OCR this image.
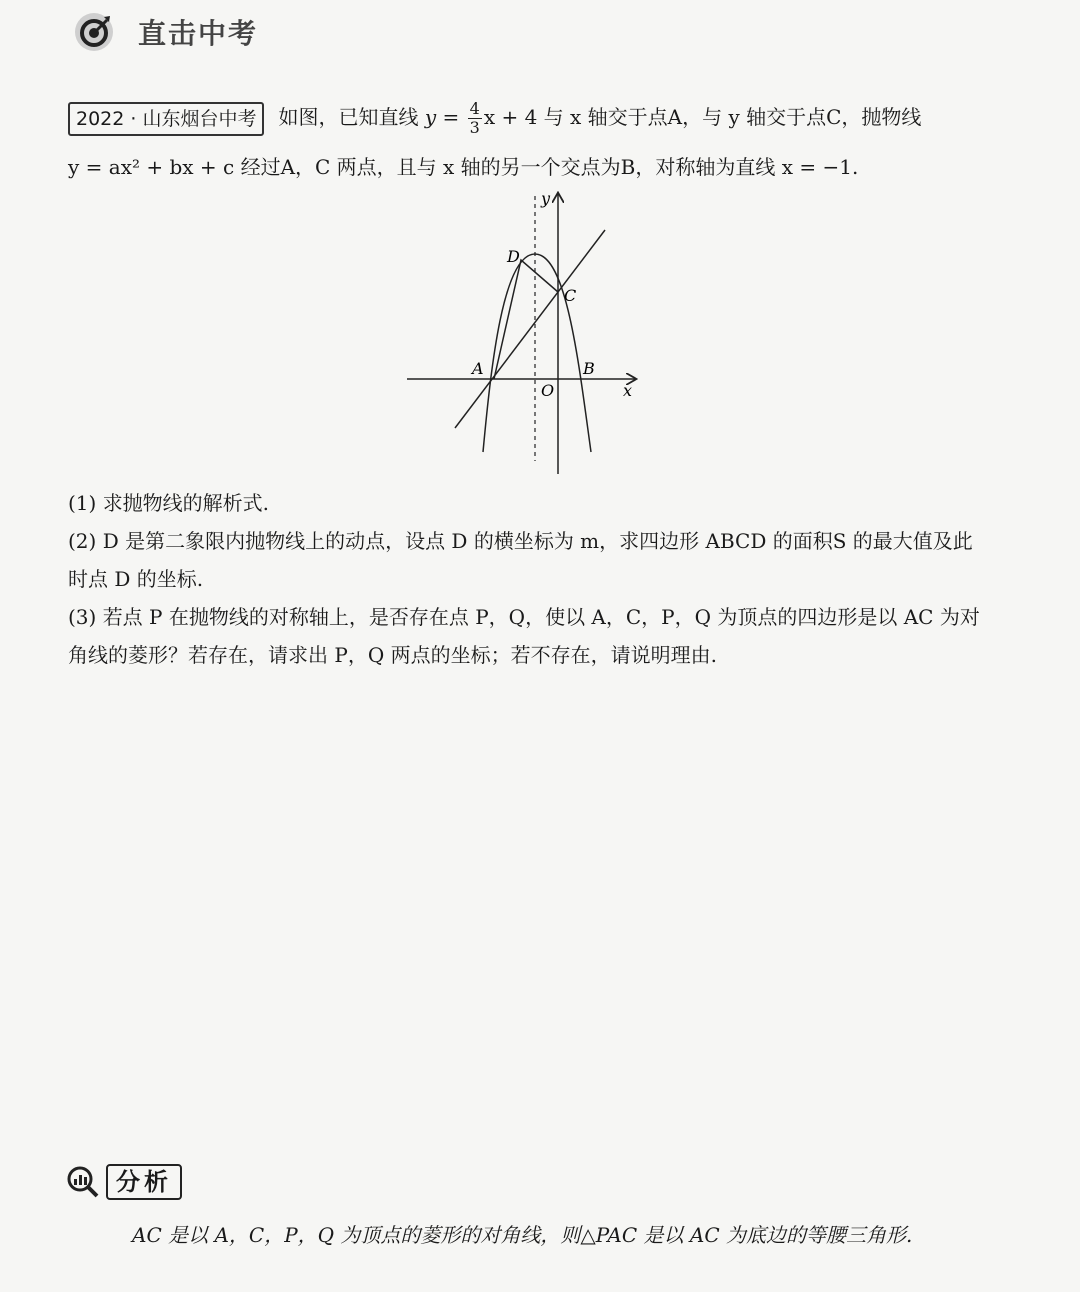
直击中考
2022 · 山东烟台中考 如图，已知直线 $y = \frac{4}{3}$ x + 4 与 x 轴交于点A，与 y 轴交于点C，抛物线
y = ax² + bx + c 经过A，C 两点，且与 x 轴的另一个交点为B，对称轴为直线 x = −1.
y
x
O
A	B
C
D

(1) 求抛物线的解析式.

(2) D 是第二象限内抛物线上的动点，设点 D 的横坐标为 m，求四边形 ABCD 的面积S 的最大值及此时点 D 的坐标.

(3) 若点 P 在抛物线的对称轴上，是否存在点 P，Q，使以 A，C，P，Q 为顶点的四边形是以 AC 为对角线的菱形？若存在，请求出 P，Q 两点的坐标；若不存在，请说明理由.

分析
AC 是以 A，C，P，Q 为顶点的菱形的对角线，则△PAC 是以 AC 为底边的等腰三角形.
